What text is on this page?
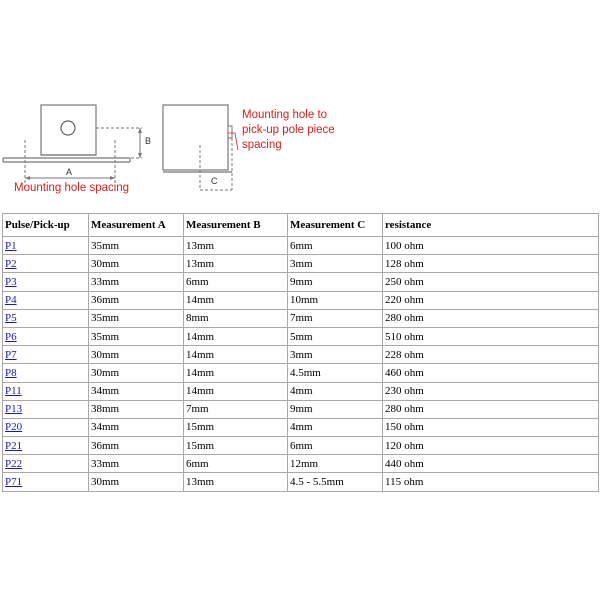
A
B
C
Mounting hole spacing
Mounting hole to pick-up pole piece spacing
Pulse/Pick-up	Measurement A	Measurement B	Measurement C	resistance
P1	35mm	13mm	6mm	100 ohm
P2	30mm	13mm	3mm	128 ohm
P3	33mm	6mm	9mm	250 ohm
P4	36mm	14mm	10mm	220 ohm
P5	35mm	8mm	7mm	280 ohm
P6	35mm	14mm	5mm	510 ohm
P7	30mm	14mm	3mm	228 ohm
P8	30mm	14mm	4.5mm	460 ohm
P11	34mm	14mm	4mm	230 ohm
P13	38mm	7mm	9mm	280 ohm
P20	34mm	15mm	4mm	150 ohm
P21	36mm	15mm	6mm	120 ohm
P22	33mm	6mm	12mm	440 ohm
P71	30mm	13mm	4.5 - 5.5mm	115 ohm
